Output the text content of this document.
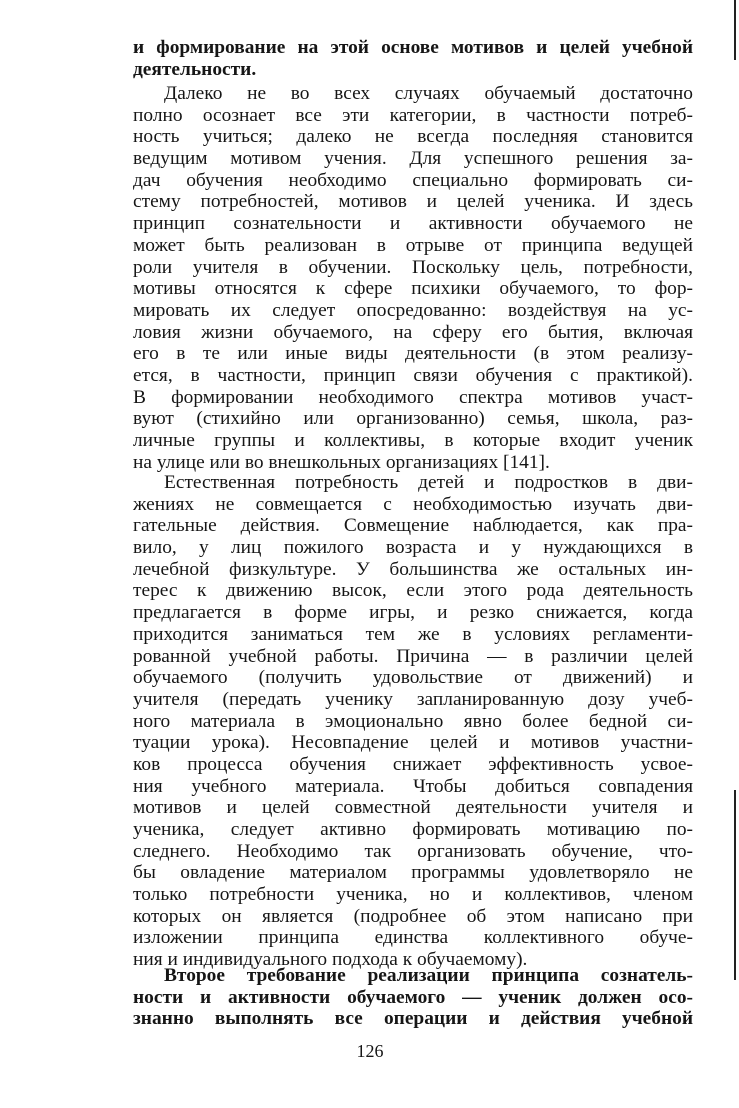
и формирование на этой основе мотивов и целей учебной
деятельности.
Далеко не во всех случаях обучаемый достаточно
полно осознает все эти категории, в частности потреб-
ность учиться; далеко не всегда последняя становится
ведущим мотивом учения. Для успешного решения за-
дач обучения необходимо специально формировать си-
стему потребностей, мотивов и целей ученика. И здесь
принцип сознательности и активности обучаемого не
может быть реализован в отрыве от принципа ведущей
роли учителя в обучении. Поскольку цель, потребности,
мотивы относятся к сфере психики обучаемого, то фор-
мировать их следует опосредованно: воздействуя на ус-
ловия жизни обучаемого, на сферу его бытия, включая
его в те или иные виды деятельности (в этом реализу-
ется, в частности, принцип связи обучения с практикой).
В формировании необходимого спектра мотивов участ-
вуют (стихийно или организованно) семья, школа, раз-
личные группы и коллективы, в которые входит ученик
на улице или во внешкольных организациях [141].
Естественная потребность детей и подростков в дви-
жениях не совмещается с необходимостью изучать дви-
гательные действия. Совмещение наблюдается, как пра-
вило, у лиц пожилого возраста и у нуждающихся в
лечебной физкультуре. У большинства же остальных ин-
терес к движению высок, если этого рода деятельность
предлагается в форме игры, и резко снижается, когда
приходится заниматься тем же в условиях регламенти-
рованной учебной работы. Причина — в различии целей
обучаемого (получить удовольствие от движений) и
учителя (передать ученику запланированную дозу учеб-
ного материала в эмоционально явно более бедной си-
туации урока). Несовпадение целей и мотивов участни-
ков процесса обучения снижает эффективность усвое-
ния учебного материала. Чтобы добиться совпадения
мотивов и целей совместной деятельности учителя и
ученика, следует активно формировать мотивацию по-
следнего. Необходимо так организовать обучение, что-
бы овладение материалом программы удовлетворяло не
только потребности ученика, но и коллективов, членом
которых он является (подробнее об этом написано при
изложении принципа единства коллективного обуче-
ния и индивидуального подхода к обучаемому).
Второе требование реализации принципа сознатель-
ности и активности обучаемого — ученик должен осо-
знанно выполнять все операции и действия учебной
126
